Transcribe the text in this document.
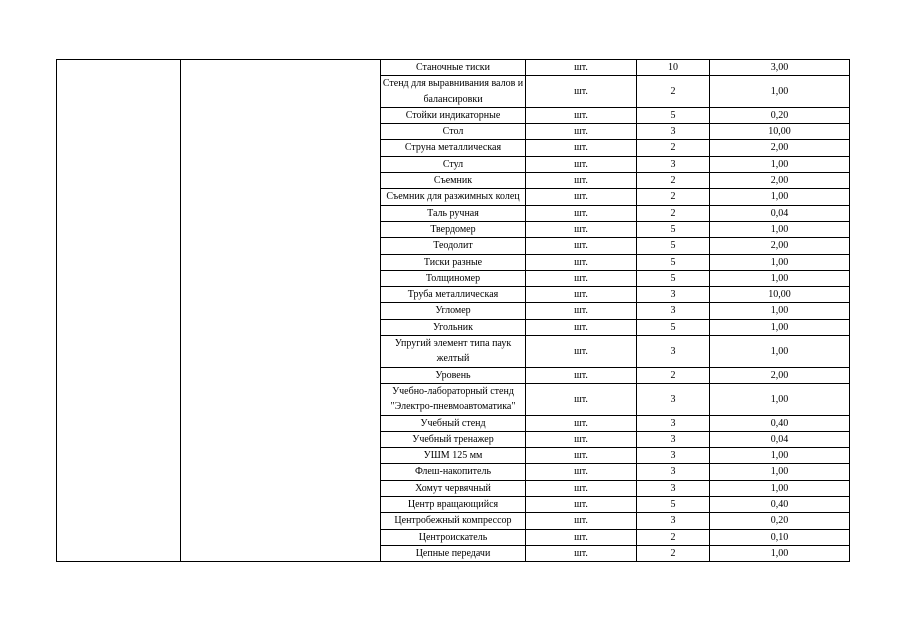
		Станочные тиски	шт.	10	3,00
		Стенд для выравнивания валов и балансировки	шт.	2	1,00
		Стойки индикаторные	шт.	5	0,20
		Стол	шт.	3	10,00
		Струна металлическая	шт.	2	2,00
		Стул	шт.	3	1,00
		Съемник	шт.	2	2,00
		Съемник для разжимных колец	шт.	2	1,00
		Таль ручная	шт.	2	0,04
		Твердомер	шт.	5	1,00
		Теодолит	шт.	5	2,00
		Тиски разные	шт.	5	1,00
		Толщиномер	шт.	5	1,00
		Труба металлическая	шт.	3	10,00
		Угломер	шт.	3	1,00
		Угольник	шт.	5	1,00
		Упругий элемент типа паук желтый	шт.	3	1,00
		Уровень	шт.	2	2,00
		Учебно-лабораторный стенд "Электро-пневмоавтоматика"	шт.	3	1,00
		Учебный стенд	шт.	3	0,40
		Учебный тренажер	шт.	3	0,04
		УШМ 125 мм	шт.	3	1,00
		Флеш-накопитель	шт.	3	1,00
		Хомут червячный	шт.	3	1,00
		Центр вращающийся	шт.	5	0,40
		Центробежный компрессор	шт.	3	0,20
		Центроискатель	шт.	2	0,10
		Цепные передачи	шт.	2	1,00
